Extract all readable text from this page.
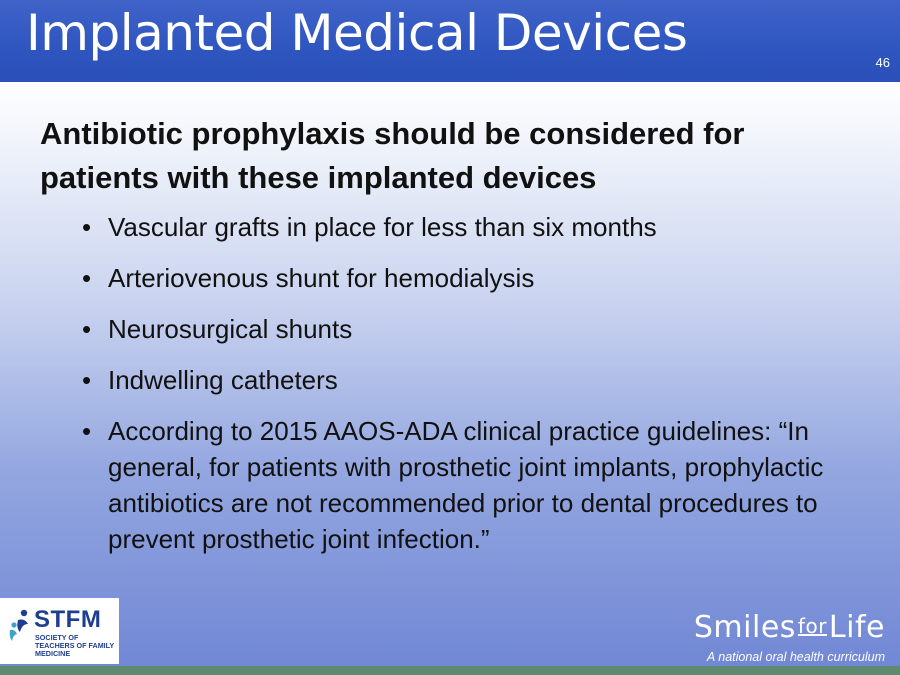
Implanted Medical Devices
46
Antibiotic prophylaxis should be considered for patients with these implanted devices
• Vascular grafts in place for less than six months
• Arteriovenous shunt for hemodialysis
• Neurosurgical shunts
• Indwelling catheters
• According to 2015 AAOS-ADA clinical practice guidelines: “In general, for patients with prosthetic joint implants, prophylactic antibiotics are not recommended prior to dental procedures to prevent prosthetic joint infection.”
STFM
SOCIETY OF TEACHERS OF FAMILY MEDICINE
Smiles forLife
A national oral health curriculum
